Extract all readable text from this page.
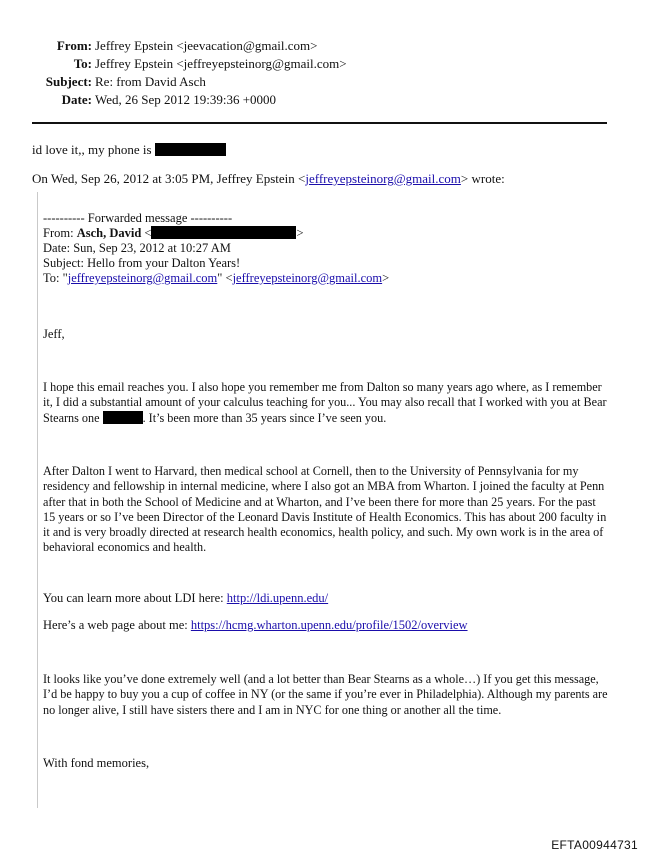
From: Jeffrey Epstein <jeevacation@gmail.com>
To: Jeffrey Epstein <jeffreyepsteinorg@gmail.com>
Subject: Re: from David Asch
Date: Wed, 26 Sep 2012 19:39:36 +0000
id love it,, my phone is
On Wed, Sep 26, 2012 at 3:05 PM, Jeffrey Epstein <jeffreyepsteinorg@gmail.com> wrote:
---------- Forwarded message ----------
From: Asch, David <	>
Date: Sun, Sep 23, 2012 at 10:27 AM
Subject: Hello from your Dalton Years!
To: "jeffreyepsteinorg@gmail.com" <jeffreyepsteinorg@gmail.com>
Jeff,
I hope this email reaches you. I also hope you remember me from Dalton so many years ago where, as I remember it, I did a substantial amount of your calculus teaching for you... You may also recall that I worked with you at Bear Stearns one	. It’s been more than 35 years since I’ve seen you.
After Dalton I went to Harvard, then medical school at Cornell, then to the University of Pennsylvania for my residency and fellowship in internal medicine, where I also got an MBA from Wharton. I joined the faculty at Penn after that in both the School of Medicine and at Wharton, and I’ve been there for more than 25 years. For the past 15 years or so I’ve been Director of the Leonard Davis Institute of Health Economics. This has about 200 faculty in it and is very broadly directed at research health economics, health policy, and such. My own work is in the area of behavioral economics and health.
You can learn more about LDI here: http://ldi.upenn.edu/
Here’s a web page about me: https://hcmg.wharton.upenn.edu/profile/1502/overview
It looks like you’ve done extremely well (and a lot better than Bear Stearns as a whole…) If you get this message, I’d be happy to buy you a cup of coffee in NY (or the same if you’re ever in Philadelphia). Although my parents are no longer alive, I still have sisters there and I am in NYC for one thing or another all the time.
With fond memories,
EFTA00944731
